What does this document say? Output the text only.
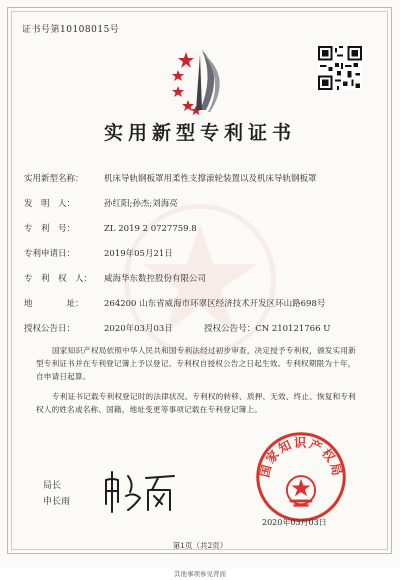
证书号第10108015号
实用新型专利证书
实用新型名称： 机床导轨钢板罩用柔性支撑滚轮装置以及机床导轨钢板罩
发　明　人：	孙红阳;孙杰;刘海亮
专　利　号：	ZL 2019 2 0727759.8
专利申请日：	2019年05月21日
专　利　权　人： 威海华东数控股份有限公司
地　　　　址： 264200 山东省威海市环翠区经济技术开发区环山路698号
授权公告日：	2020年03月03日	授权公告号：CN 210121766 U
国家知识产权局依照中华人民共和国专利法经过初步审查，决定授予专利权，颁发实用新型专利证书并在专利登记簿上予以登记。专利权自授权公告之日起生效。专利权期限为十年，自申请日起算。
专利证书记载专利权登记时的法律状况。专利权的转移、质押、无效、终止、恢复和专利权人的姓名或名称、国籍、地址变更等事项记载在专利登记簿上。
局长
申长雨
国家知识产权局
2020年03月03日
第1页（共2页）
其他事项参见背面
